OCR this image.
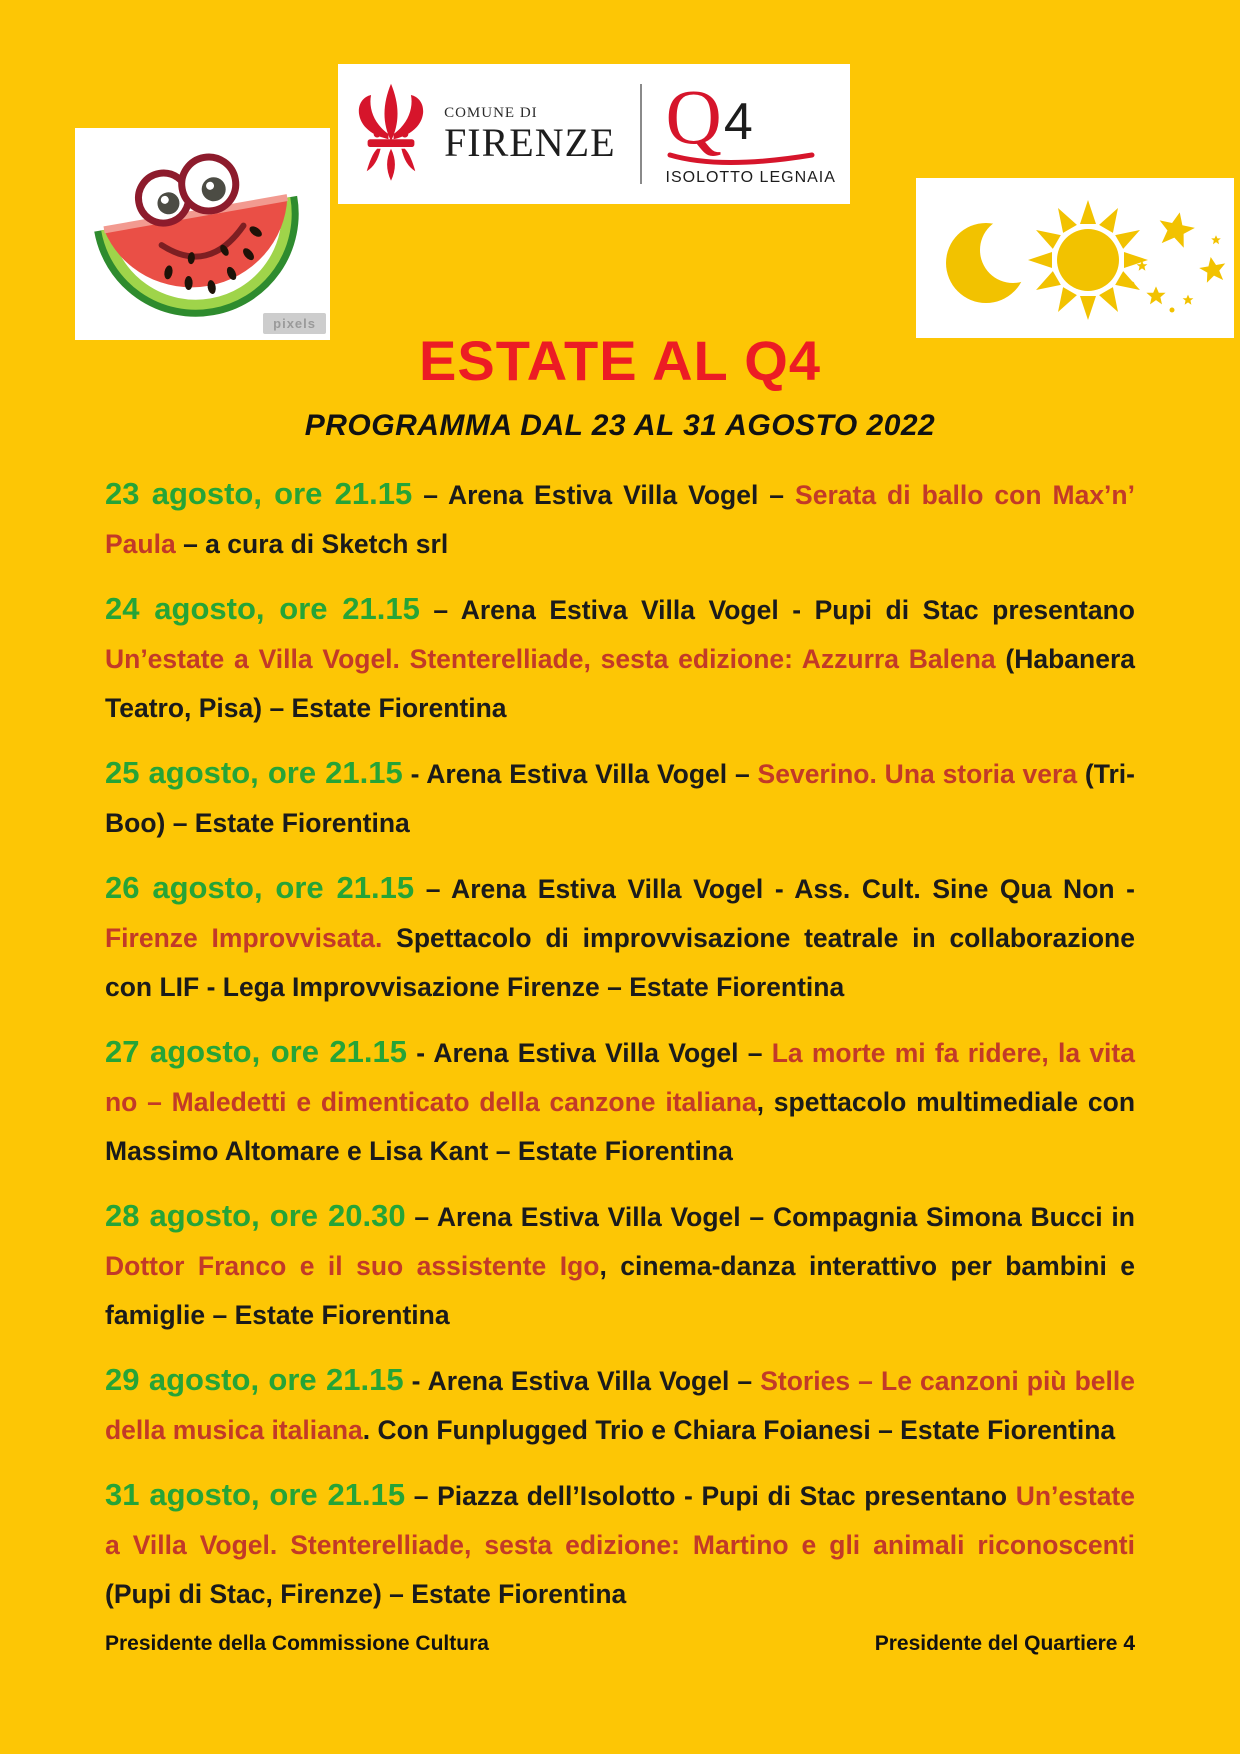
pixels
COMUNE DI
FIRENZE Q 4
ISOLOTTO LEGNAIA
ESTATE AL Q4
PROGRAMMA DAL 23 AL 31 AGOSTO 2022

23 agosto, ore 21.15 – Arena Estiva Villa Vogel – Serata di ballo con Max’n’ Paula – a cura di Sketch srl

24 agosto, ore 21.15 – Arena Estiva Villa Vogel - Pupi di Stac presentano Un’estate a Villa Vogel. Stenterelliade, sesta edizione: Azzurra Balena (Habanera Teatro, Pisa) – Estate Fiorentina

25 agosto, ore 21.15 - Arena Estiva Villa Vogel – Severino. Una storia vera (Tri-Boo) – Estate Fiorentina

26 agosto, ore 21.15 – Arena Estiva Villa Vogel - Ass. Cult. Sine Qua Non - Firenze Improvvisata. Spettacolo di improvvisazione teatrale in collaborazione con LIF - Lega Improvvisazione Firenze – Estate Fiorentina

27 agosto, ore 21.15 - Arena Estiva Villa Vogel – La morte mi fa ridere, la vita no – Maledetti e dimenticato della canzone italiana, spettacolo multimediale con Massimo Altomare e Lisa Kant – Estate Fiorentina

28 agosto, ore 20.30 – Arena Estiva Villa Vogel – Compagnia Simona Bucci in Dottor Franco e il suo assistente Igo, cinema-danza interattivo per bambini e famiglie – Estate Fiorentina

29 agosto, ore 21.15 - Arena Estiva Villa Vogel – Stories – Le canzoni più belle della musica italiana. Con Funplugged Trio e Chiara Foianesi – Estate Fiorentina

31 agosto, ore 21.15 – Piazza dell’Isolotto - Pupi di Stac presentano Un’estate a Villa Vogel. Stenterelliade, sesta edizione: Martino e gli animali riconoscenti (Pupi di Stac, Firenze) – Estate Fiorentina

Presidente della Commissione Cultura	Presidente del Quartiere 4
